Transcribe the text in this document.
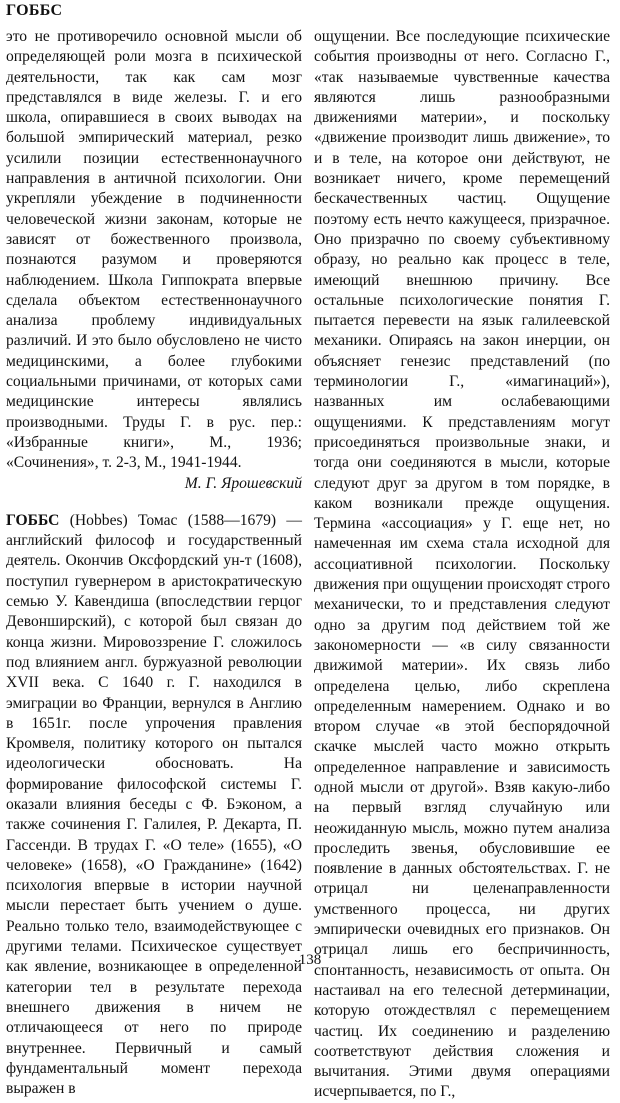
ГОББС

это не противоречило основной мысли об определяющей роли мозга в психической деятельности, так как сам мозг представлялся в виде железы. Г. и его школа, опиравшиеся в своих выводах на большой эмпирический материал, резко усилили позиции естественнонаучного направления в античной психологии. Они укрепляли убеждение в подчиненности человеческой жизни законам, которые не зависят от божественного произвола, познаются разумом и проверяются наблюдением. Школа Гиппократа впервые сделала объектом естественнонаучного анализа проблему индивидуальных различий. И это было обусловлено не чисто медицинскими, а более глубокими социальными причинами, от которых сами медицинские интересы являлись производными. Труды Г. в рус. пер.: «Избранные книги», М., 1936; «Сочинения», т. 2-3, М., 1941-1944.

М. Г. Ярошевский

ГОББС (Hobbes) Томас (1588—1679) — английский философ и государственный деятель. Окончив Оксфордский ун-т (1608), поступил гувернером в аристократическую семью У. Кавендиша (впоследствии герцог Девонширский), с которой был связан до конца жизни. Мировоззрение Г. сложилось под влиянием англ. буржуазной революции XVII века. С 1640 г. Г. находился в эмиграции во Франции, вернулся в Англию в 1651г. после упрочения правления Кромвеля, политику которого он пытался идеологически обосновать. На формирование философской системы Г. оказали влияния беседы с Ф. Бэконом, а также сочинения Г. Галилея, Р. Декарта, П. Гассенди. В трудах Г. «О теле» (1655), «О человеке» (1658), «О Гражданине» (1642) психология впервые в истории научной мысли перестает быть учением о душе. Реально только тело, взаимодействующее с другими телами. Психическое существует как явление, возникающее в определенной категории тел в результате перехода внешнего движения в ничем не отличающееся от него по природе внутреннее. Первичный и самый фундаментальный момент перехода выражен в

ощущении. Все последующие психические события производны от него. Согласно Г., «так называемые чувственные качества являются лишь разнообразными движениями материи», и поскольку «движение производит лишь движение», то и в теле, на которое они действуют, не возникает ничего, кроме перемещений бескачественных частиц. Ощущение поэтому есть нечто кажущееся, призрачное. Оно призрачно по своему субъективному образу, но реально как процесс в теле, имеющий внешнюю причину. Все остальные психологические понятия Г. пытается перевести на язык галилеевской механики. Опираясь на закон инерции, он объясняет генезис представлений (по терминологии Г., «имагинаций»), названных им ослабевающими ощущениями. К представлениям могут присоединяться произвольные знаки, и тогда они соединяются в мысли, которые следуют друг за другом в том порядке, в каком возникали прежде ощущения. Термина «ассоциация» у Г. еще нет, но намеченная им схема стала исходной для ассоциативной психологии. Поскольку движения при ощущении происходят строго механически, то и представления следуют одно за другим под действием той же закономерности — «в силу связанности движимой материи». Их связь либо определена целью, либо скреплена определенным намерением. Однако и во втором случае «в этой беспорядочной скачке мыслей часто можно открыть определенное направление и зависимость одной мысли от другой». Взяв какую-либо на первый взгляд случайную или неожиданную мысль, можно путем анализа проследить звенья, обусловившие ее появление в данных обстоятельствах. Г. не отрицал ни целенаправленности умственного процесса, ни других эмпирически очевидных его признаков. Он отрицал лишь его беспричинность, спонтанность, независимость от опыта. Он настаивал на его телесной детерминации, которую отождествлял с перемещением частиц. Их соединению и разделению соответствуют действия сложения и вычитания. Этими двумя операциями исчерпывается, по Г.,

138
